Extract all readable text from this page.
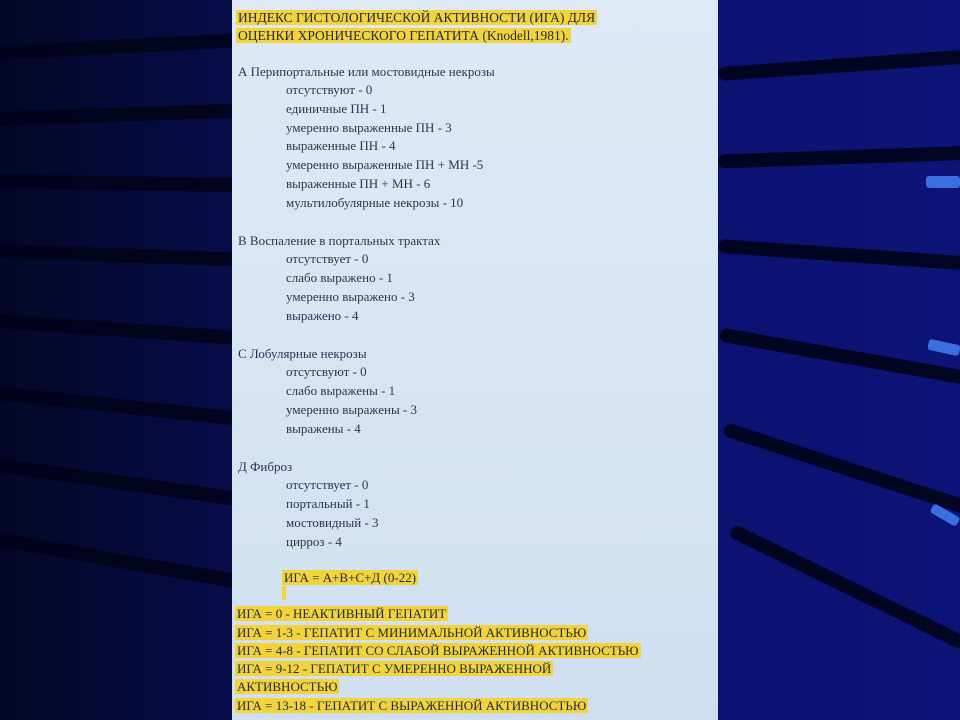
ИНДЕКС ГИСТОЛОГИЧЕСКОЙ АКТИВНОСТИ (ИГА) ДЛЯ
ОЦЕНКИ ХРОНИЧЕСКОГО ГЕПАТИТА (Knodell,1981).
А Перипортальные или мостовидные некрозы
отсутствуют - 0
единичные ПН - 1
умеренно выраженные ПН - 3
выраженные ПН - 4
умеренно выраженные ПН + МН -5
выраженные ПН + МН - 6
мультилобулярные некрозы - 10
В Воспаление в портальных трактах
отсутствует - 0
слабо выражено - 1
умеренно выражено - 3
выражено - 4
С Лобулярные некрозы
отсутсвуют - 0
слабо выражены - 1
умеренно выражены - 3
выражены - 4
Д Фиброз
отсутствует - 0
портальный - 1
мостовидный - 3
цирроз - 4
ИГА = А+В+С+Д (0-22)
ИГА = 0 - НЕАКТИВНЫЙ ГЕПАТИТ
ИГА = 1-3 - ГЕПАТИТ С МИНИМАЛЬНОЙ АКТИВНОСТЬЮ
ИГА = 4-8 - ГЕПАТИТ СО СЛАБОЙ ВЫРАЖЕННОЙ АКТИВНОСТЬЮ
ИГА = 9-12 - ГЕПАТИТ С УМЕРЕННО ВЫРАЖЕННОЙ
АКТИВНОСТЬЮ
ИГА = 13-18 - ГЕПАТИТ С ВЫРАЖЕННОЙ АКТИВНОСТЬЮ
